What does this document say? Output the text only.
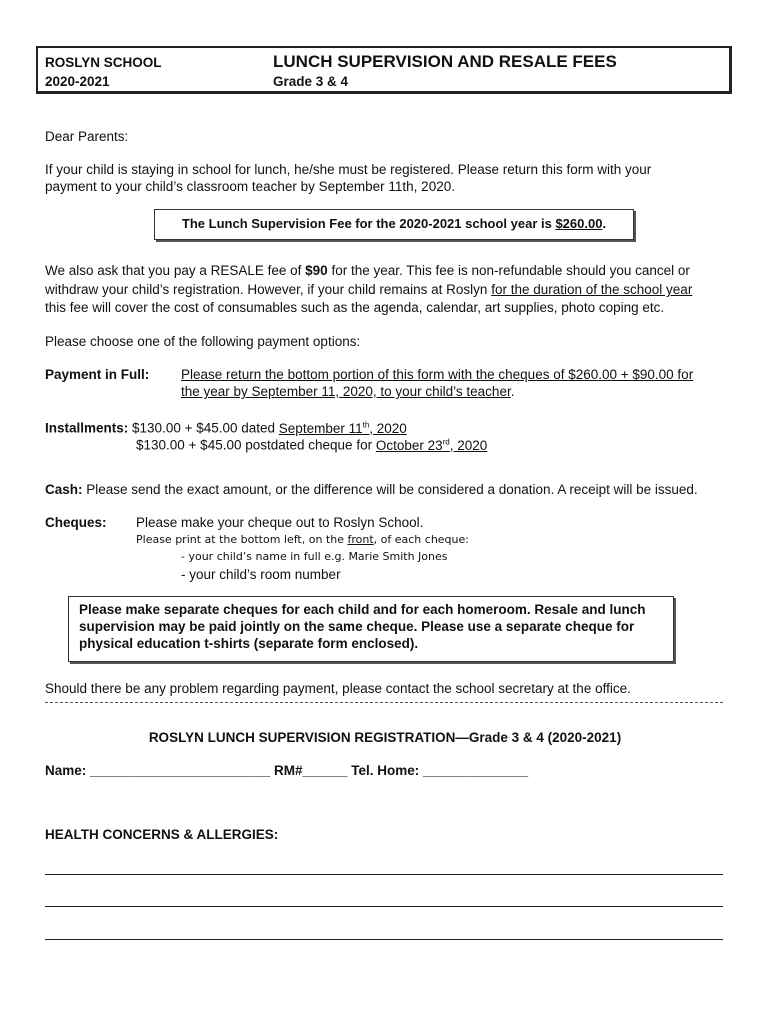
ROSLYN SCHOOL
2020-2021
LUNCH SUPERVISION AND RESALE FEES
Grade 3 & 4
Dear Parents:
If your child is staying in school for lunch, he/she must be registered. Please return this form with your
payment to your child’s classroom teacher by September 11th, 2020.
The Lunch Supervision Fee for the 2020-2021 school year is $260.00.
We also ask that you pay a RESALE fee of $90 for the year. This fee is non-refundable should you cancel or
withdraw your child’s registration. However, if your child remains at Roslyn for the duration of the school year
this fee will cover the cost of consumables such as the agenda, calendar, art supplies, photo coping etc.
Please choose one of the following payment options:
Payment in Full: Please return the bottom portion of this form with the cheques of $260.00 + $90.00 for
the year by September 11, 2020, to your child’s teacher.
Installments: $130.00 + $45.00 dated September 11th, 2020
$130.00 + $45.00 postdated cheque for October 23rd, 2020
Cash: Please send the exact amount, or the difference will be considered a donation. A receipt will be issued.
Cheques: Please make your cheque out to Roslyn School.
Please print at the bottom left, on the front, of each cheque:
- your child’s name in full e.g. Marie Smith Jones
- your child’s room number
Please make separate cheques for each child and for each homeroom. Resale and lunch
supervision may be paid jointly on the same cheque. Please use a separate cheque for
physical education t-shirts (separate form enclosed).
Should there be any problem regarding payment, please contact the school secretary at the office.
ROSLYN LUNCH SUPERVISION REGISTRATION—Grade 3 & 4 (2020-2021)
Name: ________________________ RM#______ Tel. Home: ______________
HEALTH CONCERNS & ALLERGIES:
